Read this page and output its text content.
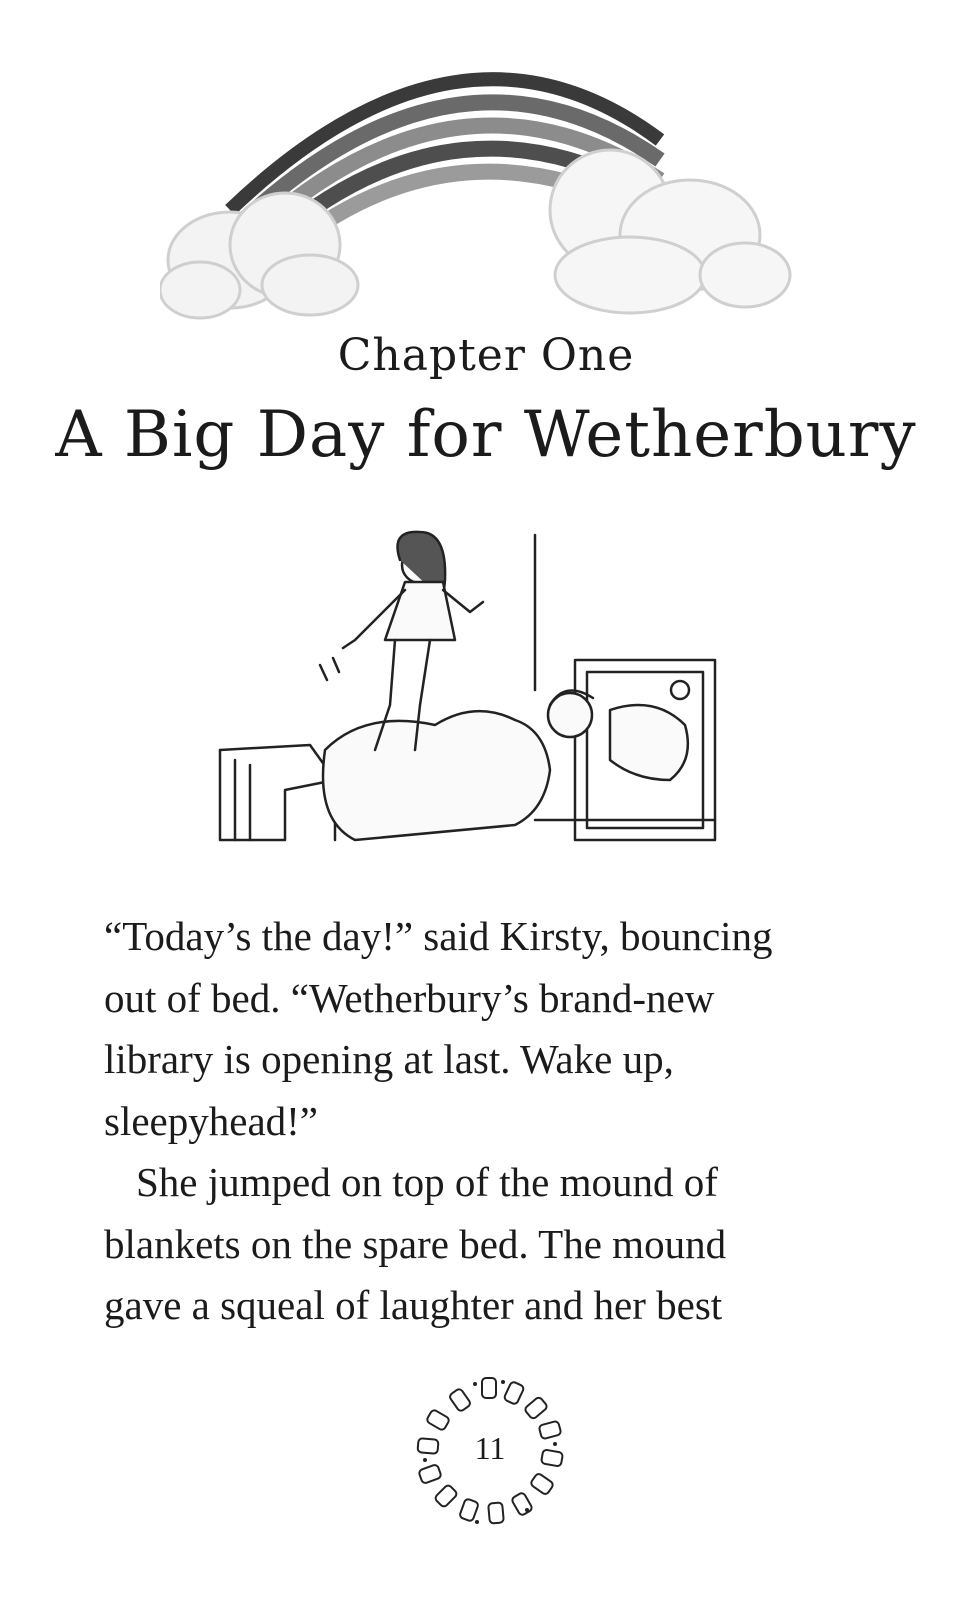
Chapter One
A Big Day for Wetherbury
“Today’s the day!” said Kirsty, bouncing
out of bed. “Wetherbury’s brand-new
library is opening at last. Wake up,
sleepyhead!”
She jumped on top of the mound of
blankets on the spare bed. The mound
gave a squeal of laughter and her best
11
